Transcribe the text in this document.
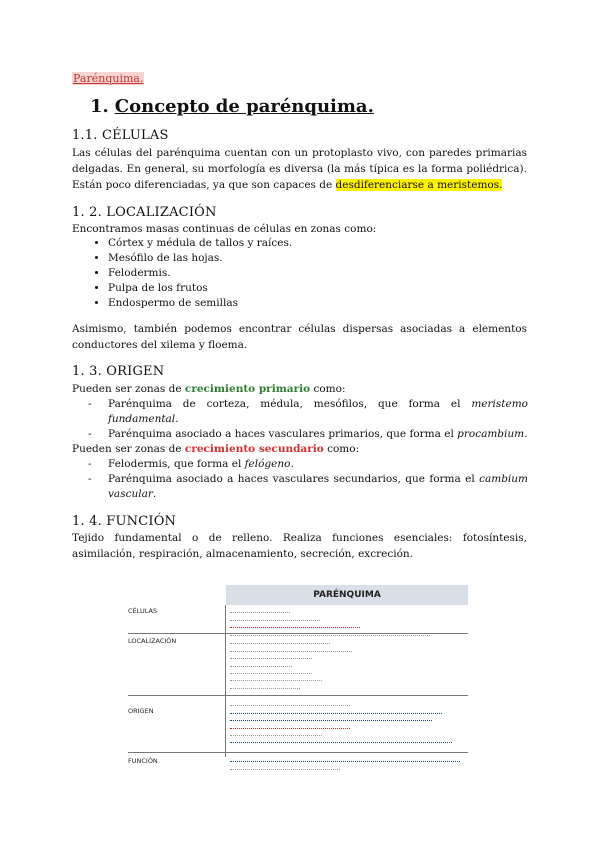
Parénquima.
1. Concepto de parénquima.
1.1. CÉLULAS
Las células del parénquima cuentan con un protoplasto vivo, con paredes primarias delgadas. En general, su morfología es diversa (la más típica es la forma poliédrica). Están poco diferenciadas, ya que son capaces de desdiferenciarse a meristemos.
1. 2. LOCALIZACIÓN
Encontramos masas continuas de células en zonas como:
• Córtex y médula de tallos y raíces.
• Mesófilo de las hojas.
• Felodermis.
• Pulpa de los frutos
• Endospermo de semillas
Asimismo, también podemos encontrar células dispersas asociadas a elementos conductores del xilema y floema.
1. 3. ORIGEN
Pueden ser zonas de crecimiento primario como:
- Parénquima de corteza, médula, mesófilos, que forma el meristemo fundamental.
- Parénquima asociado a haces vasculares primarios, que forma el procambium.
Pueden ser zonas de crecimiento secundario como:
- Felodermis, que forma el felógeno.
- Parénquima asociado a haces vasculares secundarios, que forma el cambium vascular.
1. 4. FUNCIÓN
Tejido fundamental o de relleno. Realiza funciones esenciales: fotosíntesis, asimilación, respiración, almacenamiento, secreción, excreción.
PARÉNQUIMA
CÉLULAS
LOCALIZACIÓN
ORIGEN
FUNCIÓN
